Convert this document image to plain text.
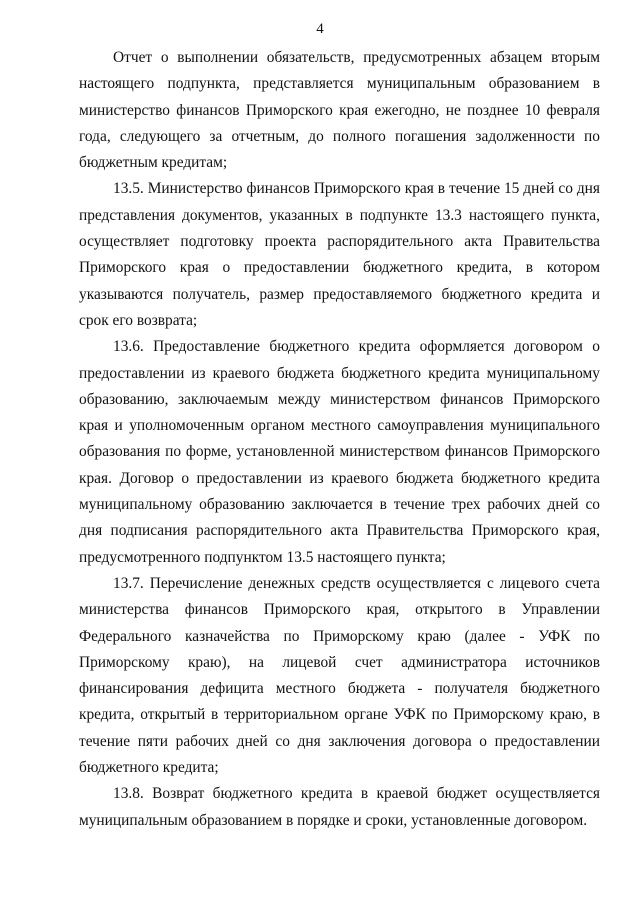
4

Отчет о выполнении обязательств, предусмотренных абзацем вторым настоящего подпункта, представляется муниципальным образованием в министерство финансов Приморского края ежегодно, не позднее 10 февраля года, следующего за отчетным, до полного погашения задолженности по бюджетным кредитам;

13.5. Министерство финансов Приморского края в течение 15 дней со дня представления документов, указанных в подпункте 13.3 настоящего пункта, осуществляет подготовку проекта распорядительного акта Правительства Приморского края о предоставлении бюджетного кредита, в котором указываются получатель, размер предоставляемого бюджетного кредита и срок его возврата;

13.6. Предоставление бюджетного кредита оформляется договором о предоставлении из краевого бюджета бюджетного кредита муниципальному образованию, заключаемым между министерством финансов Приморского края и уполномоченным органом местного самоуправления муниципального образования по форме, установленной министерством финансов Приморского края. Договор о предоставлении из краевого бюджета бюджетного кредита муниципальному образованию заключается в течение трех рабочих дней со дня подписания распорядительного акта Правительства Приморского края, предусмотренного подпунктом 13.5 настоящего пункта;

13.7. Перечисление денежных средств осуществляется с лицевого счета министерства финансов Приморского края, открытого в Управлении Федерального казначейства по Приморскому краю (далее - УФК по Приморскому краю), на лицевой счет администратора источников финансирования дефицита местного бюджета - получателя бюджетного кредита, открытый в территориальном органе УФК по Приморскому краю, в течение пяти рабочих дней со дня заключения договора о предоставлении бюджетного кредита;

13.8. Возврат бюджетного кредита в краевой бюджет осуществляется муниципальным образованием в порядке и сроки, установленные договором.
